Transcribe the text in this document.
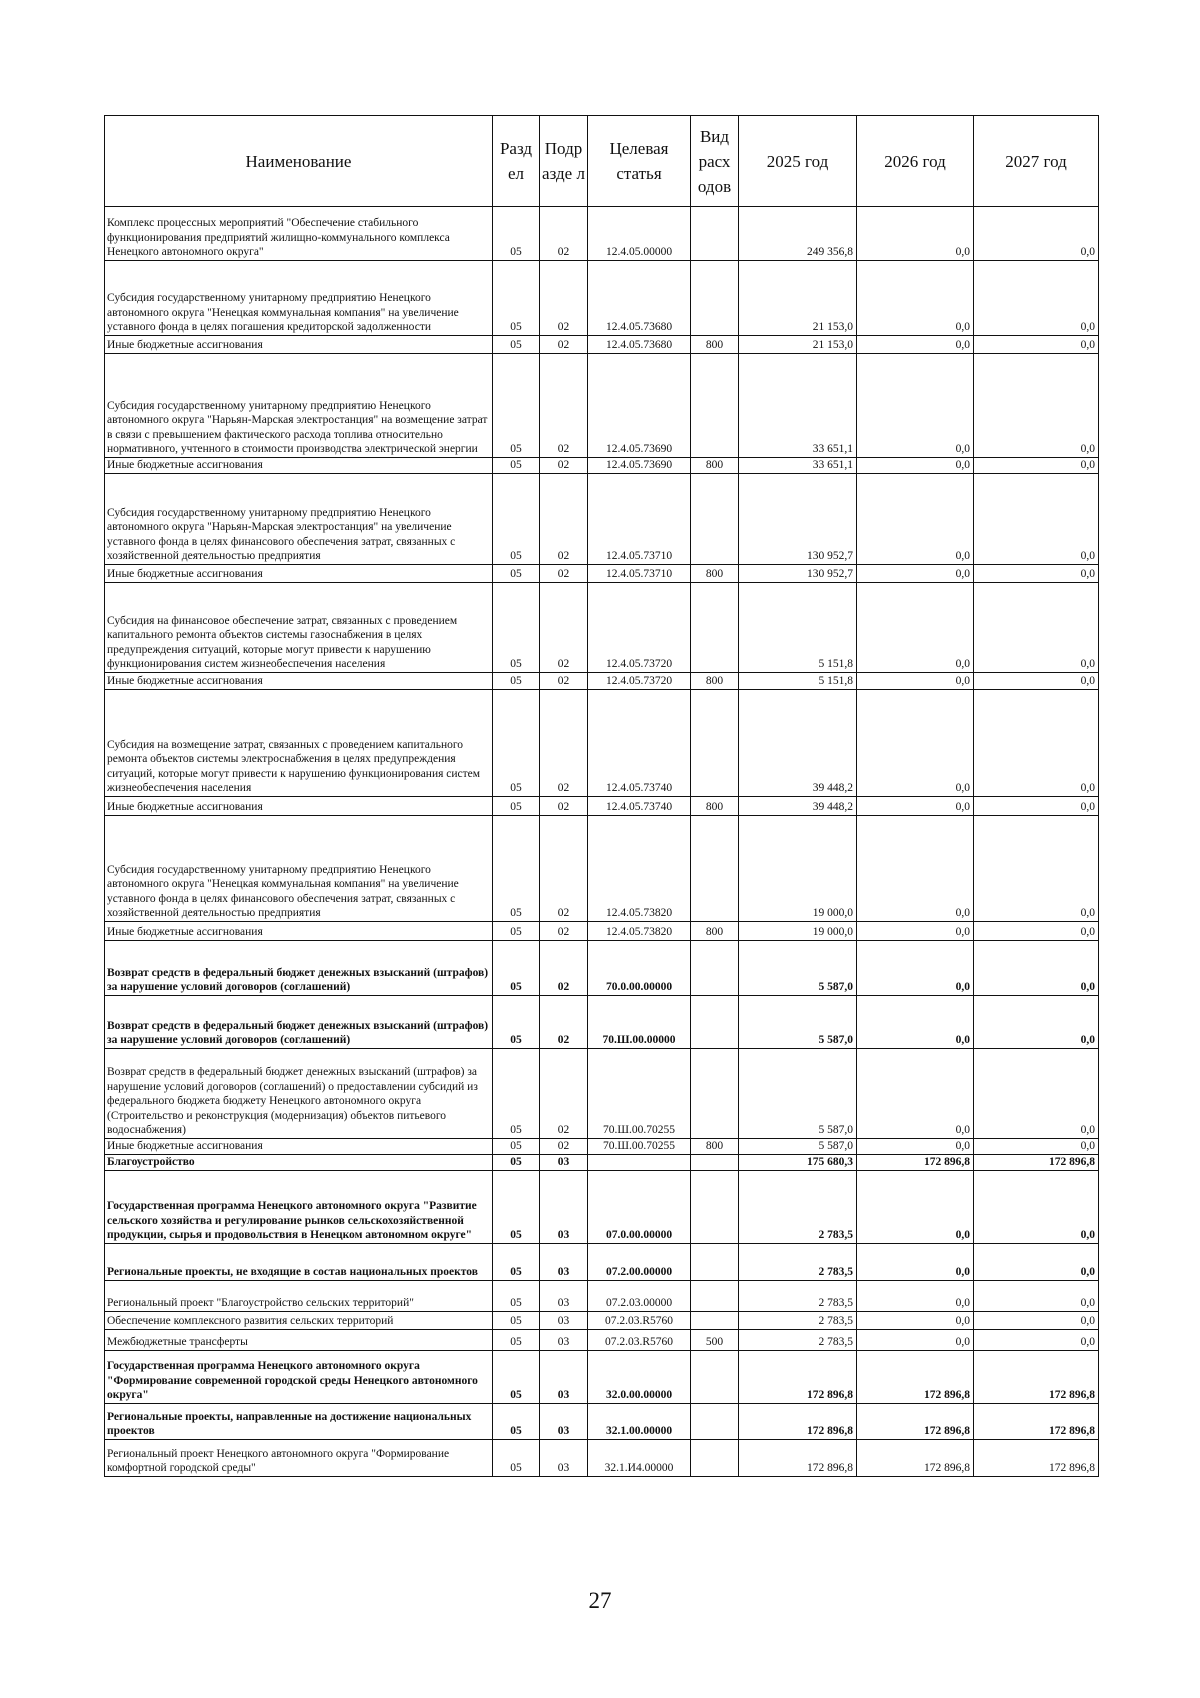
Наименование	Разд ел	Подр азде л	Целевая статья	Вид расх одов	2025 год	2026 год	2027 год
Комплекс процессных мероприятий "Обеспечение стабильного функционирования предприятий жилищно-коммунального комплекса Ненецкого автономного округа"	05	02	12.4.05.00000		249 356,8	0,0	0,0
Субсидия государственному унитарному предприятию Ненецкого автономного округа "Ненецкая коммунальная компания" на увеличение уставного фонда в целях погашения кредиторской задолженности	05	02	12.4.05.73680		21 153,0	0,0	0,0
Иные бюджетные ассигнования	05	02	12.4.05.73680	800	21 153,0	0,0	0,0
Субсидия государственному унитарному предприятию Ненецкого автономного округа "Нарьян-Марская электростанция" на возмещение затрат в связи с превышением фактического расхода топлива относительно нормативного, учтенного в стоимости производства электрической энергии	05	02	12.4.05.73690		33 651,1	0,0	0,0
Иные бюджетные ассигнования	05	02	12.4.05.73690	800	33 651,1	0,0	0,0
Субсидия государственному унитарному предприятию Ненецкого автономного округа "Нарьян-Марская электростанция" на увеличение уставного фонда в целях финансового обеспечения затрат, связанных с хозяйственной деятельностью предприятия	05	02	12.4.05.73710		130 952,7	0,0	0,0
Иные бюджетные ассигнования	05	02	12.4.05.73710	800	130 952,7	0,0	0,0
Субсидия на финансовое обеспечение затрат, связанных с проведением капитального ремонта объектов системы газоснабжения в целях предупреждения ситуаций, которые могут привести к нарушению функционирования систем жизнеобеспечения населения	05	02	12.4.05.73720		5 151,8	0,0	0,0
Иные бюджетные ассигнования	05	02	12.4.05.73720	800	5 151,8	0,0	0,0
Субсидия на возмещение затрат, связанных с проведением капитального ремонта объектов системы электроснабжения в целях предупреждения ситуаций, которые могут привести к нарушению функционирования систем жизнеобеспечения населения	05	02	12.4.05.73740		39 448,2	0,0	0,0
Иные бюджетные ассигнования	05	02	12.4.05.73740	800	39 448,2	0,0	0,0
Субсидия государственному унитарному предприятию Ненецкого автономного округа "Ненецкая коммунальная компания" на увеличение уставного фонда в целях финансового обеспечения затрат, связанных с хозяйственной деятельностью предприятия	05	02	12.4.05.73820		19 000,0	0,0	0,0
Иные бюджетные ассигнования	05	02	12.4.05.73820	800	19 000,0	0,0	0,0
Возврат средств в федеральный бюджет денежных взысканий (штрафов) за нарушение условий договоров (соглашений)	05	02	70.0.00.00000		5 587,0	0,0	0,0
Возврат средств в федеральный бюджет денежных взысканий (штрафов) за нарушение условий договоров (соглашений)	05	02	70.Ш.00.00000		5 587,0	0,0	0,0
Возврат средств в федеральный бюджет денежных взысканий (штрафов) за нарушение условий договоров (соглашений) о предоставлении субсидий из федерального бюджета бюджету Ненецкого автономного округа (Строительство и реконструкция (модернизация) объектов питьевого водоснабжения)	05	02	70.Ш.00.70255		5 587,0	0,0	0,0
Иные бюджетные ассигнования	05	02	70.Ш.00.70255	800	5 587,0	0,0	0,0
Благоустройство	05	03			175 680,3	172 896,8	172 896,8
Государственная программа Ненецкого автономного округа "Развитие сельского хозяйства и регулирование рынков сельскохозяйственной продукции, сырья и продовольствия в Ненецком автономном округе"	05	03	07.0.00.00000		2 783,5	0,0	0,0
Региональные проекты, не входящие в состав национальных проектов	05	03	07.2.00.00000		2 783,5	0,0	0,0
Региональный проект "Благоустройство сельских территорий"	05	03	07.2.03.00000		2 783,5	0,0	0,0
Обеспечение комплексного развития сельских территорий	05	03	07.2.03.R5760		2 783,5	0,0	0,0
Межбюджетные трансферты	05	03	07.2.03.R5760	500	2 783,5	0,0	0,0
Государственная программа Ненецкого автономного округа "Формирование современной городской среды Ненецкого автономного округа"	05	03	32.0.00.00000		172 896,8	172 896,8	172 896,8
Региональные проекты, направленные на достижение национальных проектов	05	03	32.1.00.00000		172 896,8	172 896,8	172 896,8
Региональный проект Ненецкого автономного округа "Формирование комфортной городской среды"	05	03	32.1.И4.00000		172 896,8	172 896,8	172 896,8
27
